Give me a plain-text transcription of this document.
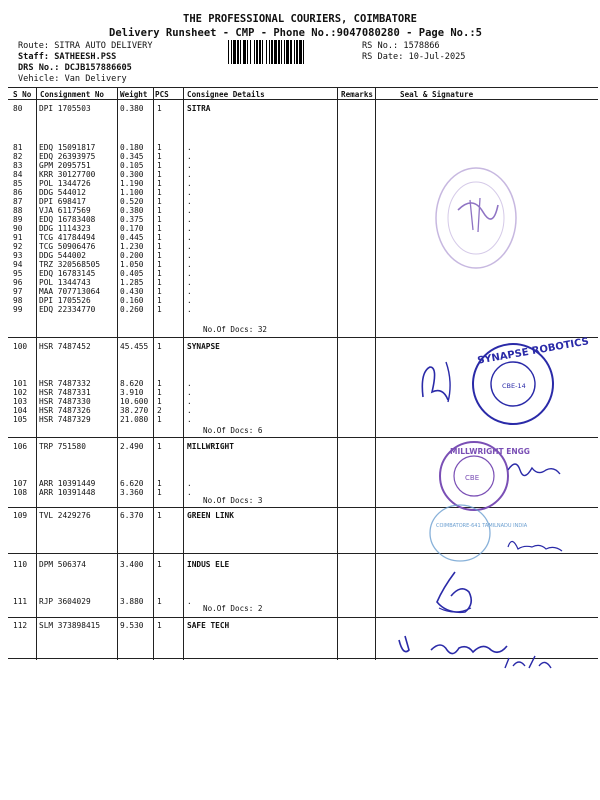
THE PROFESSIONAL COURIERS, COIMBATORE
Delivery Runsheet - CMP - Phone No.:9047080280 - Page No.:5
Route: SITRA AUTO DELIVERY
Staff: SATHEESH.PSS
DRS No.: DCJB157886605
Vehicle: Van Delivery
RS No.: 1578866
RS Date: 10-Jul-2025
S No Consignment No Weight PCS Consignee Details	Remarks	Seal & Signature
80 DPI 1705503	0.380 1	SITRA
81 EDQ 15091817	0.180 1	.
82 EDQ 26393975	0.345 1	.
83 GPM 2095751	0.105 1	.
84 KRR 30127700	0.300 1	.
85 POL 1344726	1.190 1	.
86 DDG 544012	1.100 1	.
87 DPI 698417	0.520 1	.
88 VJA 6117569	0.380 1	.
89 EDQ 16783408	0.375 1	.
90 DDG 1114323	0.170 1	.
91 TCG 41784494	0.445 1	.
92 TCG 50906476	1.230 1	.
93 DDG 544002	0.200 1	.
94 TRZ 320568505	1.050 1	.
95 EDQ 16783145	0.405 1	.
96 POL 1344743	1.285 1	.
97 MAA 707713064	0.430 1	.
98 DPI 1705526	0.160 1	.
99 EDQ 22334770	0.260 1	.
No.Of Docs: 32
100 HSR 7487452	45.455 1	SYNAPSE
101 HSR 7487332	8.620 1	.
102 HSR 7487331	3.910 1	.
103 HSR 7487330	10.600 1	.
104 HSR 7487326	38.270 2	.
105 HSR 7487329	21.080 1	.
No.Of Docs: 6
106 TRP 751580	2.490 1	MILLWRIGHT
107 ARR 10391449	6.620 1	.
108 ARR 10391448	3.360 1	.
No.Of Docs: 3
109 TVL 2429276	6.370 1	GREEN LINK
110 DPM 506374	3.400 1	INDUS ELE
111 RJP 3604029	3.880 1	.
No.Of Docs: 2
112 SLM 373898415	9.530 1	SAFE TECH
SYNAPSE ROBOTICS
CBE-14
MILLWRIGHT ENGG
CBE
COIMBATORE-641 TAMILNADU INDIA
